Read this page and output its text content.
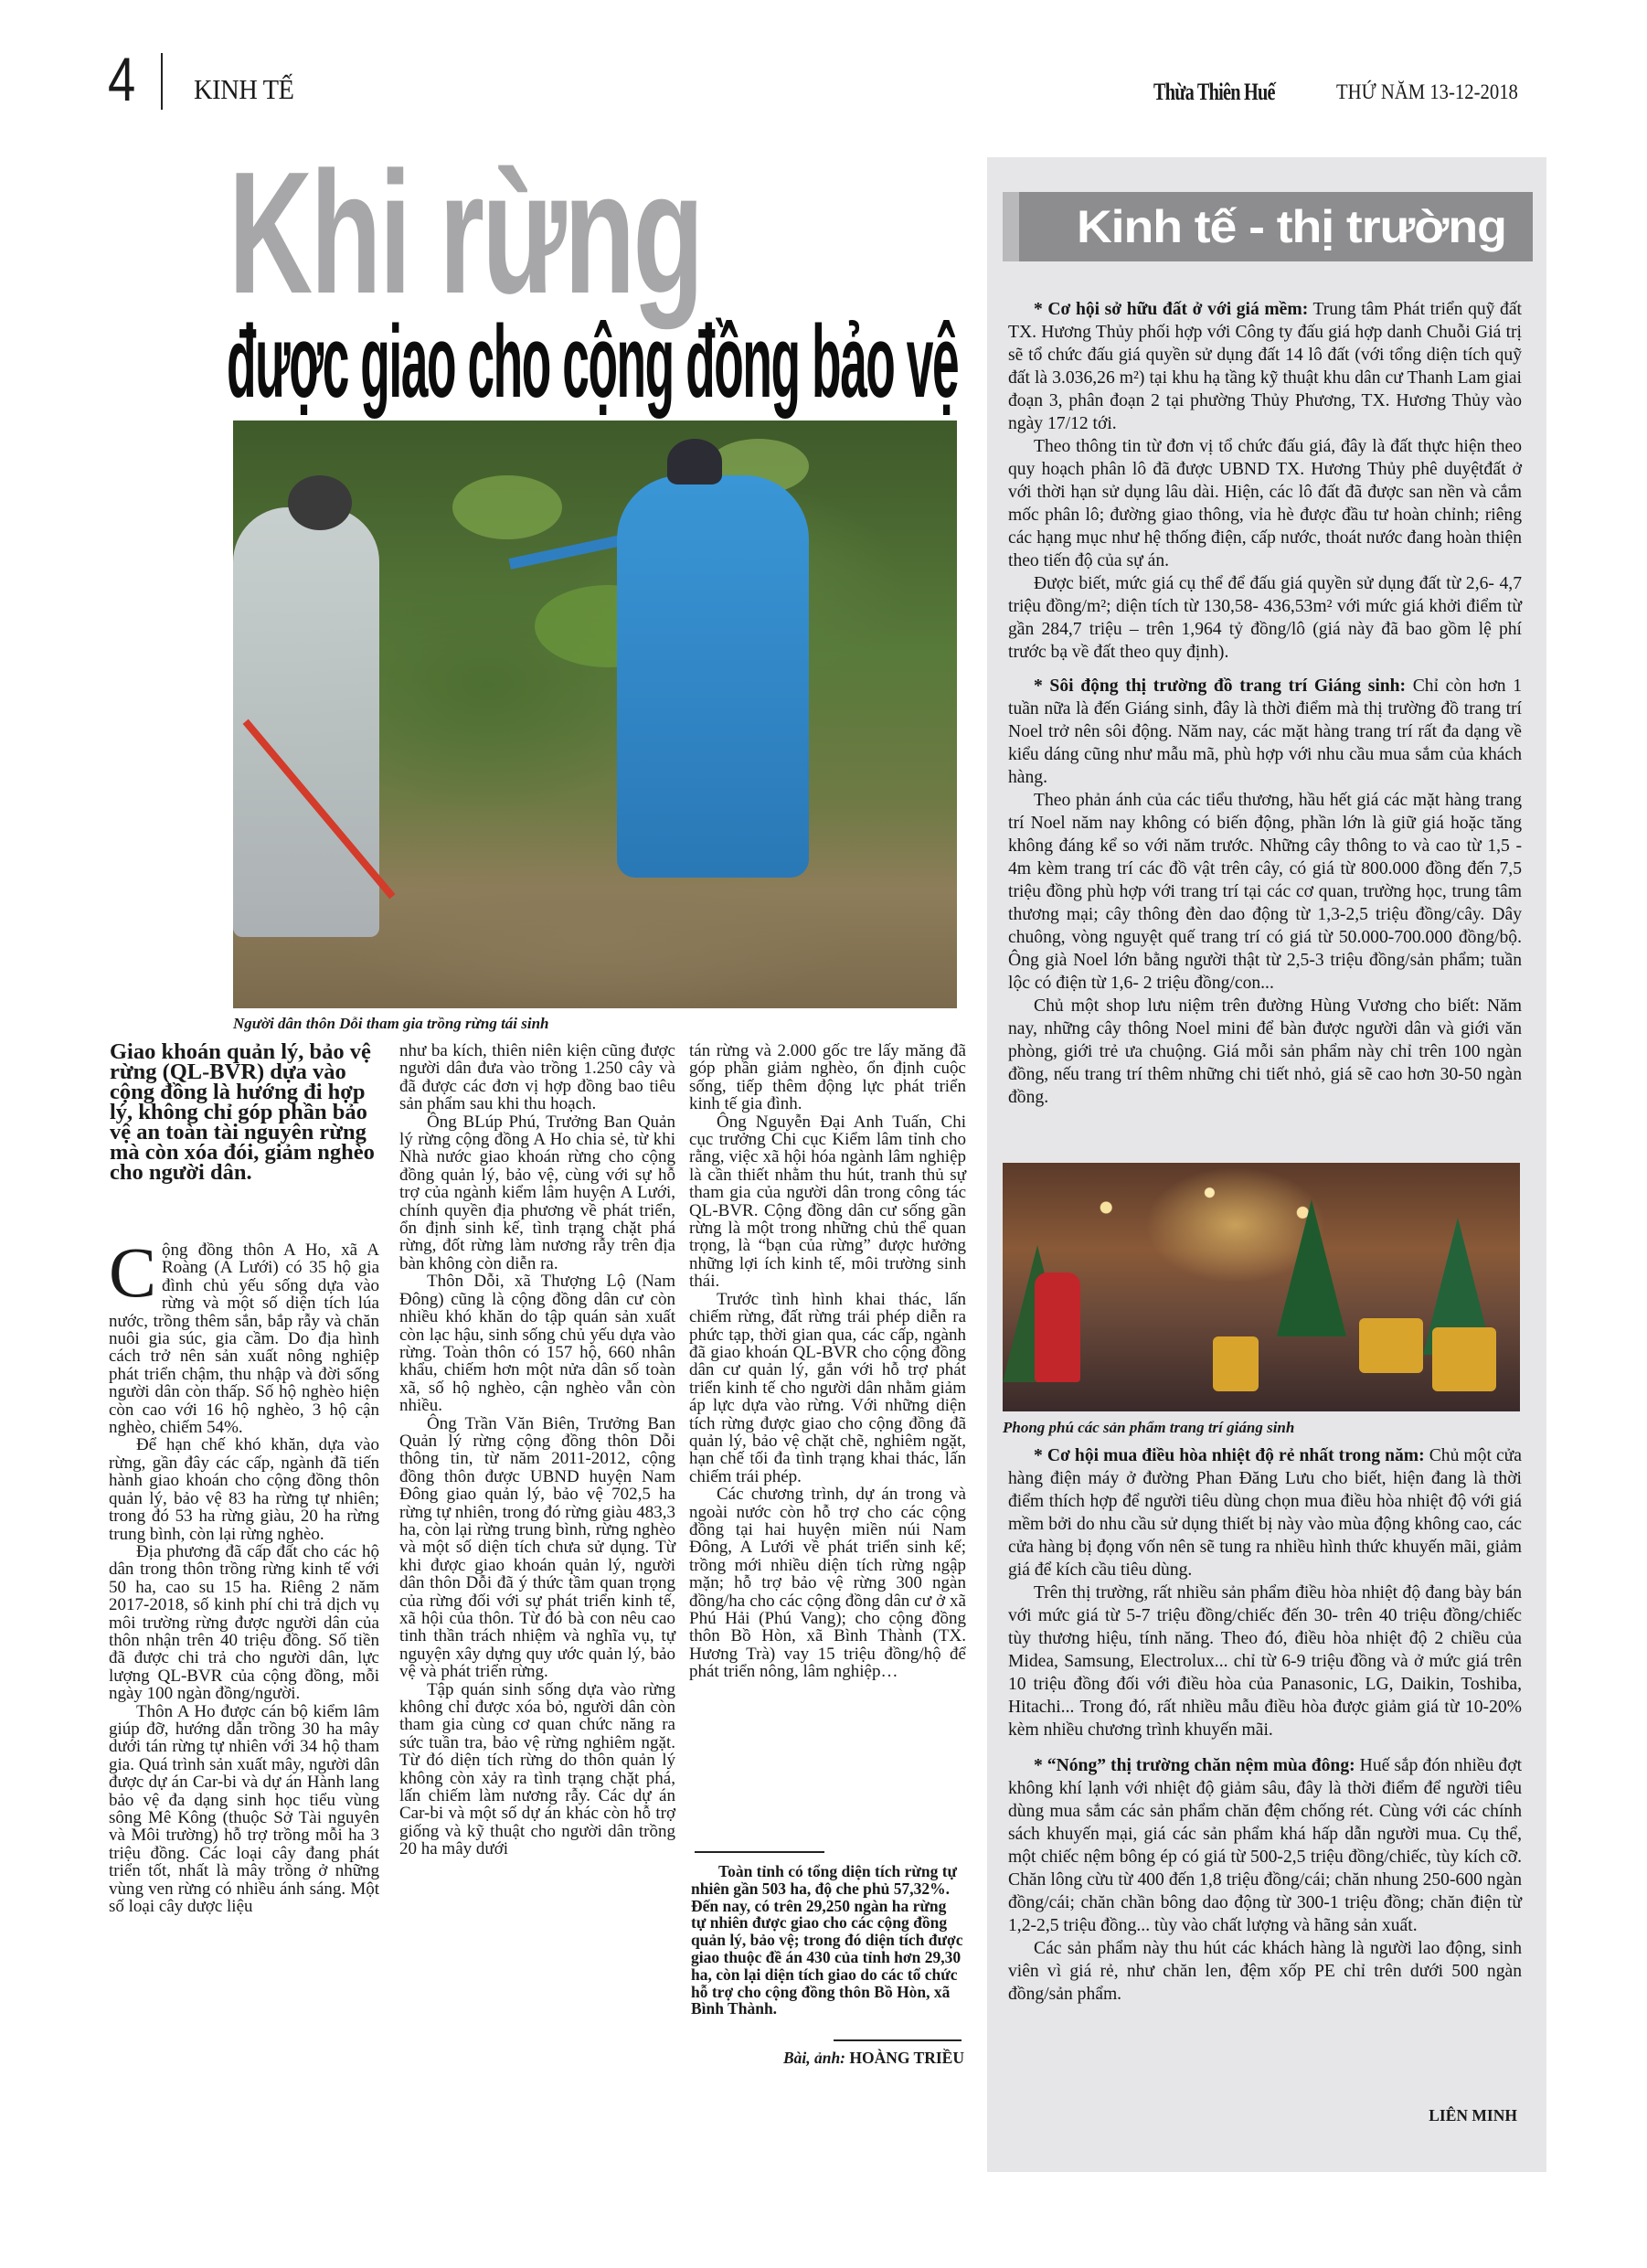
4 KINH TẾ	Thừa Thiên Huế	THỨ NĂM 13-12-2018
Khi rừng
được giao cho cộng đồng bảo vệ
Người dân thôn Dỗi tham gia trồng rừng tái sinh
Giao khoán quản lý, bảo vệ rừng (QL-BVR) dựa vào cộng đồng là hướng đi hợp lý, không chỉ góp phần bảo vệ an toàn tài nguyên rừng mà còn xóa đói, giảm nghèo cho người dân.

Cộng đồng thôn A Ho, xã A Roàng (A Lưới) có 35 hộ gia đình chủ yếu sống dựa vào rừng và một số diện tích lúa nước, trồng thêm sắn, bắp rẫy và chăn nuôi gia súc, gia cầm. Do địa hình cách trở nên sản xuất nông nghiệp phát triển chậm, thu nhập và đời sống người dân còn thấp. Số hộ nghèo hiện còn cao với 16 hộ nghèo, 3 hộ cận nghèo, chiếm 54%.

Để hạn chế khó khăn, dựa vào rừng, gần đây các cấp, ngành đã tiến hành giao khoán cho cộng đồng thôn quản lý, bảo vệ 83 ha rừng tự nhiên; trong đó 53 ha rừng giàu, 20 ha rừng trung bình, còn lại rừng nghèo.

Địa phương đã cấp đất cho các hộ dân trong thôn trồng rừng kinh tế với 50 ha, cao su 15 ha. Riêng 2 năm 2017-2018, số kinh phí chi trả dịch vụ môi trường rừng được người dân của thôn nhận trên 40 triệu đồng. Số tiền đã được chi trả cho người dân, lực lượng QL-BVR của cộng đồng, mỗi ngày 100 ngàn đồng/người.

Thôn A Ho được cán bộ kiểm lâm giúp đỡ, hướng dẫn trồng 30 ha mây dưới tán rừng tự nhiên với 34 hộ tham gia. Quá trình sản xuất mây, người dân được dự án Car-bi và dự án Hành lang bảo vệ đa dạng sinh học tiểu vùng sông Mê Kông (thuộc Sở Tài nguyên và Môi trường) hỗ trợ trồng mỗi ha 3 triệu đồng. Các loại cây đang phát triển tốt, nhất là mây trồng ở những vùng ven rừng có nhiều ánh sáng. Một số loại cây dược liệu

như ba kích, thiên niên kiện cũng được người dân đưa vào trồng 1.250 cây và đã được các đơn vị hợp đồng bao tiêu sản phẩm sau khi thu hoạch.

Ông BLúp Phú, Trưởng Ban Quản lý rừng cộng đồng A Ho chia sẻ, từ khi Nhà nước giao khoán rừng cho cộng đồng quản lý, bảo vệ, cùng với sự hỗ trợ của ngành kiểm lâm huyện A Lưới, chính quyền địa phương về phát triển, ổn định sinh kế, tình trạng chặt phá rừng, đốt rừng làm nương rẫy trên địa bàn không còn diễn ra.

Thôn Dỗi, xã Thượng Lộ (Nam Đông) cũng là cộng đồng dân cư còn nhiều khó khăn do tập quán sản xuất còn lạc hậu, sinh sống chủ yếu dựa vào rừng. Toàn thôn có 157 hộ, 660 nhân khẩu, chiếm hơn một nửa dân số toàn xã, số hộ nghèo, cận nghèo vẫn còn nhiều.

Ông Trần Văn Biên, Trưởng Ban Quản lý rừng cộng đồng thôn Dỗi thông tin, từ năm 2011-2012, cộng đồng thôn được UBND huyện Nam Đông giao quản lý, bảo vệ 702,5 ha rừng tự nhiên, trong đó rừng giàu 483,3 ha, còn lại rừng trung bình, rừng nghèo và một số diện tích chưa sử dụng. Từ khi được giao khoán quản lý, người dân thôn Dỗi đã ý thức tầm quan trọng của rừng đối với sự phát triển kinh tế, xã hội của thôn. Từ đó bà con nêu cao tinh thần trách nhiệm và nghĩa vụ, tự nguyện xây dựng quy ước quản lý, bảo vệ và phát triển rừng.

Tập quán sinh sống dựa vào rừng không chỉ được xóa bỏ, người dân còn tham gia cùng cơ quan chức năng ra sức tuần tra, bảo vệ rừng nghiêm ngặt. Từ đó diện tích rừng do thôn quản lý không còn xảy ra tình trạng chặt phá, lấn chiếm làm nương rẫy. Các dự án Car-bi và một số dự án khác còn hỗ trợ giống và kỹ thuật cho người dân trồng 20 ha mây dưới

tán rừng và 2.000 gốc tre lấy măng đã góp phần giảm nghèo, ổn định cuộc sống, tiếp thêm động lực phát triển kinh tế gia đình.

Ông Nguyễn Đại Anh Tuấn, Chi cục trưởng Chi cục Kiểm lâm tỉnh cho rằng, việc xã hội hóa ngành lâm nghiệp là cần thiết nhằm thu hút, tranh thủ sự tham gia của người dân trong công tác QL-BVR. Cộng đồng dân cư sống gần rừng là một trong những chủ thể quan trọng, là “bạn của rừng” được hưởng những lợi ích kinh tế, môi trường sinh thái.

Trước tình hình khai thác, lấn chiếm rừng, đất rừng trái phép diễn ra phức tạp, thời gian qua, các cấp, ngành đã giao khoán QL-BVR cho cộng đồng dân cư quản lý, gắn với hỗ trợ phát triển kinh tế cho người dân nhằm giảm áp lực dựa vào rừng. Với những diện tích rừng được giao cho cộng đồng đã quản lý, bảo vệ chặt chẽ, nghiêm ngặt, hạn chế tối đa tình trạng khai thác, lấn chiếm trái phép.

Các chương trình, dự án trong và ngoài nước còn hỗ trợ cho các cộng đồng tại hai huyện miền núi Nam Đông, A Lưới về phát triển sinh kế; trồng mới nhiều diện tích rừng ngập mặn; hỗ trợ bảo vệ rừng 300 ngàn đồng/ha cho các cộng đồng dân cư ở xã Phú Hải (Phú Vang); cho cộng đồng thôn Bồ Hòn, xã Bình Thành (TX. Hương Trà) vay 15 triệu đồng/hộ để phát triển nông, lâm nghiệp…

Toàn tỉnh có tổng diện tích rừng tự nhiên gần 503 ha, độ che phủ 57,32%. Đến nay, có trên 29,250 ngàn ha rừng tự nhiên được giao cho các cộng đồng quản lý, bảo vệ; trong đó diện tích được giao thuộc đề án 430 của tỉnh hơn 29,30 ha, còn lại diện tích giao do các tổ chức hỗ trợ cho cộng đồng thôn Bồ Hòn, xã Bình Thành.

Bài, ảnh: HOÀNG TRIỀU
Kinh tế - thị trường

* Cơ hội sở hữu đất ở với giá mềm: Trung tâm Phát triển quỹ đất TX. Hương Thủy phối hợp với Công ty đấu giá hợp danh Chuỗi Giá trị sẽ tổ chức đấu giá quyền sử dụng đất 14 lô đất (với tổng diện tích quỹ đất là 3.036,26 m²) tại khu hạ tầng kỹ thuật khu dân cư Thanh Lam giai đoạn 3, phân đoạn 2 tại phường Thủy Phương, TX. Hương Thủy vào ngày 17/12 tới.

Theo thông tin từ đơn vị tổ chức đấu giá, đây là đất thực hiện theo quy hoạch phân lô đã được UBND TX. Hương Thủy phê duyệtđất ở với thời hạn sử dụng lâu dài. Hiện, các lô đất đã được san nền và cắm mốc phân lô; đường giao thông, vỉa hè được đầu tư hoàn chỉnh; riêng các hạng mục như hệ thống điện, cấp nước, thoát nước đang hoàn thiện theo tiến độ của sự án.

Được biết, mức giá cụ thể để đấu giá quyền sử dụng đất từ 2,6- 4,7 triệu đồng/m²; diện tích từ 130,58- 436,53m² với mức giá khởi điểm từ gần 284,7 triệu – trên 1,964 tỷ đồng/lô (giá này đã bao gồm lệ phí trước bạ về đất theo quy định).

* Sôi động thị trường đồ trang trí Giáng sinh: Chỉ còn hơn 1 tuần nữa là đến Giáng sinh, đây là thời điểm mà thị trường đồ trang trí Noel trở nên sôi động. Năm nay, các mặt hàng trang trí rất đa dạng về kiểu dáng cũng như mẫu mã, phù hợp với nhu cầu mua sắm của khách hàng.

Theo phản ánh của các tiểu thương, hầu hết giá các mặt hàng trang trí Noel năm nay không có biến động, phần lớn là giữ giá hoặc tăng không đáng kể so với năm trước. Những cây thông to và cao từ 1,5 - 4m kèm trang trí các đồ vật trên cây, có giá từ 800.000 đồng đến 7,5 triệu đồng phù hợp với trang trí tại các cơ quan, trường học, trung tâm thương mại; cây thông đèn dao động từ 1,3-2,5 triệu đồng/cây. Dây chuông, vòng nguyệt quế trang trí có giá từ 50.000-700.000 đồng/bộ. Ông già Noel lớn bằng người thật từ 2,5-3 triệu đồng/sản phẩm; tuần lộc có điện từ 1,6- 2 triệu đồng/con...

Chủ một shop lưu niệm trên đường Hùng Vương cho biết: Năm nay, những cây thông Noel mini để bàn được người dân và giới văn phòng, giới trẻ ưa chuộng. Giá mỗi sản phẩm này chỉ trên 100 ngàn đồng, nếu trang trí thêm những chi tiết nhỏ, giá sẽ cao hơn 30-50 ngàn đồng.

Phong phú các sản phẩm trang trí giáng sinh

* Cơ hội mua điều hòa nhiệt độ rẻ nhất trong năm: Chủ một cửa hàng điện máy ở đường Phan Đăng Lưu cho biết, hiện đang là thời điểm thích hợp để người tiêu dùng chọn mua điều hòa nhiệt độ với giá mềm bởi do nhu cầu sử dụng thiết bị này vào mùa động không cao, các cửa hàng bị đọng vốn nên sẽ tung ra nhiều hình thức khuyến mãi, giảm giá để kích cầu tiêu dùng.

Trên thị trường, rất nhiều sản phẩm điều hòa nhiệt độ đang bày bán với mức giá từ 5-7 triệu đồng/chiếc đến 30- trên 40 triệu đồng/chiếc tùy thương hiệu, tính năng. Theo đó, điều hòa nhiệt độ 2 chiều của Midea, Samsung, Electrolux... chỉ từ 6-9 triệu đồng và ở mức giá trên 10 triệu đồng đối với điều hòa của Panasonic, LG, Daikin, Toshiba, Hitachi... Trong đó, rất nhiều mẫu điều hòa được giảm giá từ 10-20% kèm nhiều chương trình khuyến mãi.

* “Nóng” thị trường chăn nệm mùa đông: Huế sắp đón nhiều đợt không khí lạnh với nhiệt độ giảm sâu, đây là thời điểm để người tiêu dùng mua sắm các sản phẩm chăn đệm chống rét. Cùng với các chính sách khuyến mại, giá các sản phẩm khá hấp dẫn người mua. Cụ thể, một chiếc nệm bông ép có giá từ 500-2,5 triệu đồng/chiếc, tùy kích cỡ. Chăn lông cừu từ 400 đến 1,8 triệu đồng/cái; chăn nhung 250-600 ngàn đồng/cái; chăn chần bông dao động từ 300-1 triệu đồng; chăn điện từ 1,2-2,5 triệu đồng... tùy vào chất lượng và hãng sản xuất.

Các sản phẩm này thu hút các khách hàng là người lao động, sinh viên vì giá rẻ, như chăn len, đệm xốp PE chỉ trên dưới 500 ngàn đồng/sản phẩm.

LIÊN MINH
